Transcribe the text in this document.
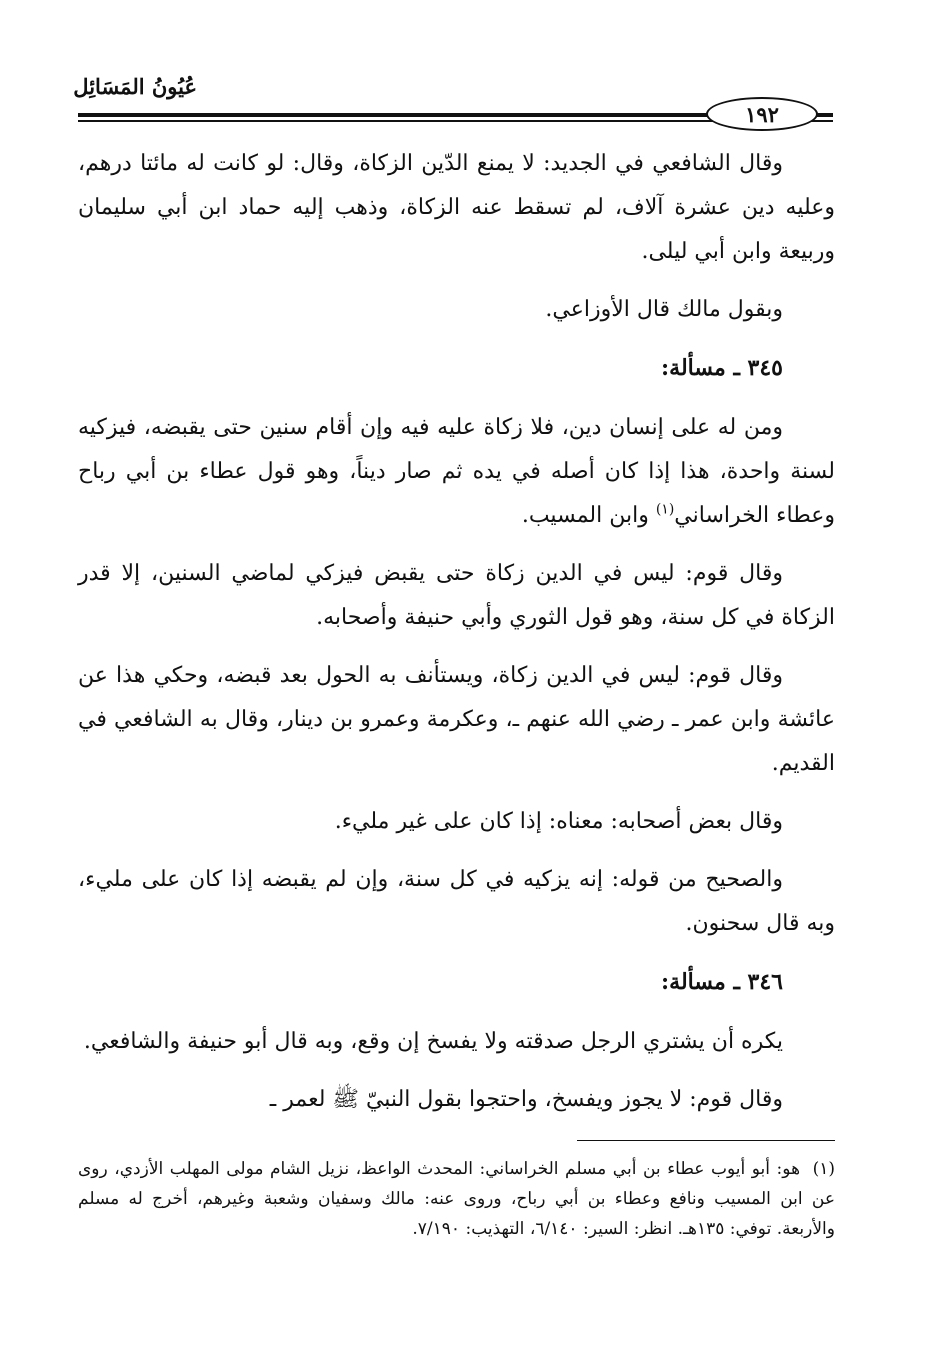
عُيُونُ المَسَائِل
١٩٢

وقال الشافعي في الجديد: لا يمنع الدّين الزكاة، وقال: لو كانت له مائتا درهم، وعليه دين عشرة آلاف، لم تسقط عنه الزكاة، وذهب إليه حماد ابن أبي سليمان وربيعة وابن أبي ليلى.

وبقول مالك قال الأوزاعي.

٣٤٥ ـ مسألة:

ومن له على إنسان دين، فلا زكاة عليه فيه وإن أقام سنين حتى يقبضه، فيزكيه لسنة واحدة، هذا إذا كان أصله في يده ثم صار ديناً، وهو قول عطاء بن أبي رباح وعطاء الخراساني$^{(١)}$ وابن المسيب.

وقال قوم: ليس في الدين زكاة حتى يقبض فيزكي لماضي السنين، إلا قدر الزكاة في كل سنة، وهو قول الثوري وأبي حنيفة وأصحابه.

وقال قوم: ليس في الدين زكاة، ويستأنف به الحول بعد قبضه، وحكي هذا عن عائشة وابن عمر ـ رضي الله عنهم ـ، وعكرمة وعمرو بن دينار، وقال به الشافعي في القديم.

وقال بعض أصحابه: معناه: إذا كان على غير مليء.

والصحيح من قوله: إنه يزكيه في كل سنة، وإن لم يقبضه إذا كان على مليء، وبه قال سحنون.

٣٤٦ ـ مسألة:

يكره أن يشتري الرجل صدقته ولا يفسخ إن وقع، وبه قال أبو حنيفة والشافعي.

وقال قوم: لا يجوز ويفسخ، واحتجوا بقول النبيّ ﷺ لعمر ـ

(١) هو: أبو أيوب عطاء بن أبي مسلم الخراساني: المحدث الواعظ، نزيل الشام مولى المهلب الأزدي، روى عن ابن المسيب ونافع وعطاء بن أبي رباح، وروى عنه: مالك وسفيان وشعبة وغيرهم، أخرج له مسلم والأربعة. توفي: ١٣٥هـ. انظر: السير: ٦/١٤٠، التهذيب: ٧/١٩٠.
